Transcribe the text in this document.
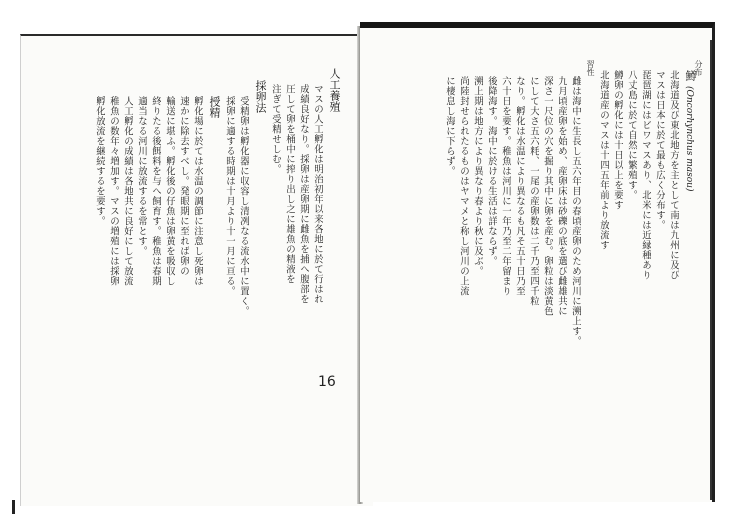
鱒
(Oncorhynchus masou)
分布
北海道及び東北地方を主として南は九州に及び
マスは日本に於て最も広く分布す。
琵琶湖にはビワマスあり、北米には近縁種あり
八丈島に於て自然に繁殖す。
鱒卵の孵化には十日以上を要す
北海道産のマスは十四五年前より放流す
習性
雌は海中に生長し五六年目の春頃産卵のため河川に溯上す。
九月頃産卵を始め、産卵床は砂礫の底を選び雌雄共に
深さ一尺位の穴を掘り其中に卵を産む。卵粒は淡黄色
にして大さ五六粍、一尾の産卵数は二千乃至四千粒
なり。孵化は水温により異なるも凡そ五十日乃至
六十日を要す。稚魚は河川に一年乃至二年留まり
後降海す。海中に於ける生活は詳ならず。
溯上期は地方により異なり春より秋に及ぶ。
尚陸封せられたるものはヤマメと称し河川の上流
に棲息し海に下らず。
16
人工養殖
マスの人工孵化は明治初年以来各地に於て行はれ
成績良好なり。採卵は産卵期に雌魚を捕へ腹部を
圧して卵を桶中に搾り出し之に雄魚の精液を
注ぎて受精せしむ。
採卵法
受精卵は孵化器に収容し清冽なる流水中に置く。
採卵に適する時期は十月より十一月に亘る。
授精
孵化場に於ては水温の調節に注意し死卵は
速かに除去すべし。発眼期に至れば卵の
輸送に堪ふ。孵化後の仔魚は卵黄を吸収し
終りたる後餌料を与へ飼育す。稚魚は春期
適当なる河川に放流するを常とす。
人工孵化の成績は各地共に良好にして放流
稚魚の数年々増加す。マスの増殖には採卵
孵化放流を継続するを要す。
